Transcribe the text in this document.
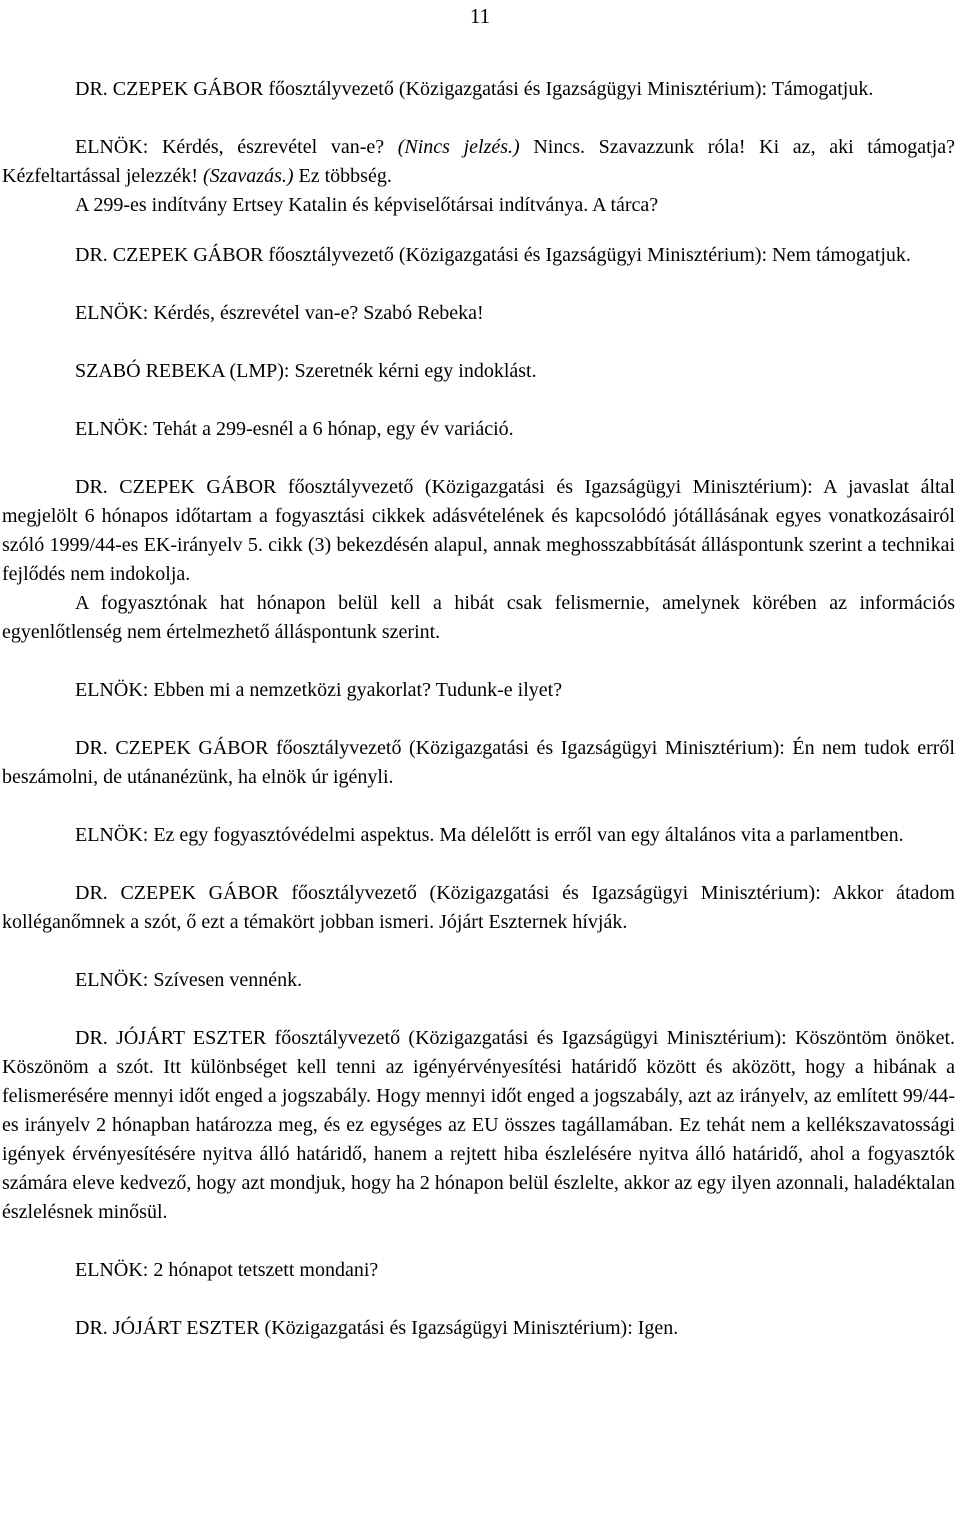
11

DR. CZEPEK GÁBOR főosztályvezető (Közigazgatási és Igazságügyi Minisztérium): Támogatjuk.

ELNÖK: Kérdés, észrevétel van-e? (Nincs jelzés.) Nincs. Szavazzunk róla! Ki az, aki támogatja? Kézfeltartással jelezzék! (Szavazás.) Ez többség.

A 299-es indítvány Ertsey Katalin és képviselőtársai indítványa. A tárca?

DR. CZEPEK GÁBOR főosztályvezető (Közigazgatási és Igazságügyi Minisztérium): Nem támogatjuk.

ELNÖK: Kérdés, észrevétel van-e? Szabó Rebeka!

SZABÓ REBEKA (LMP): Szeretnék kérni egy indoklást.

ELNÖK: Tehát a 299-esnél a 6 hónap, egy év variáció.

DR. CZEPEK GÁBOR főosztályvezető (Közigazgatási és Igazságügyi Minisztérium): A javaslat által megjelölt 6 hónapos időtartam a fogyasztási cikkek adásvételének és kapcsolódó jótállásának egyes vonatkozásairól szóló 1999/44-es EK-irányelv 5. cikk (3) bekezdésén alapul, annak meghosszabbítását álláspontunk szerint a technikai fejlődés nem indokolja.

A fogyasztónak hat hónapon belül kell a hibát csak felismernie, amelynek körében az információs egyenlőtlenség nem értelmezhető álláspontunk szerint.

ELNÖK: Ebben mi a nemzetközi gyakorlat? Tudunk-e ilyet?

DR. CZEPEK GÁBOR főosztályvezető (Közigazgatási és Igazságügyi Minisztérium): Én nem tudok erről beszámolni, de utánanézünk, ha elnök úr igényli.

ELNÖK: Ez egy fogyasztóvédelmi aspektus. Ma délelőtt is erről van egy általános vita a parlamentben.

DR. CZEPEK GÁBOR főosztályvezető (Közigazgatási és Igazságügyi Minisztérium): Akkor átadom kolléganőmnek a szót, ő ezt a témakört jobban ismeri. Jójárt Eszternek hívják.

ELNÖK: Szívesen vennénk.

DR. JÓJÁRT ESZTER főosztályvezető (Közigazgatási és Igazságügyi Minisztérium): Köszöntöm önöket. Köszönöm a szót. Itt különbséget kell tenni az igényérvényesítési határidő között és aközött, hogy a hibának a felismerésére mennyi időt enged a jogszabály. Hogy mennyi időt enged a jogszabály, azt az irányelv, az említett 99/44-es irányelv 2 hónapban határozza meg, és ez egységes az EU összes tagállamában. Ez tehát nem a kellékszavatossági igények érvényesítésére nyitva álló határidő, hanem a rejtett hiba észlelésére nyitva álló határidő, ahol a fogyasztók számára eleve kedvező, hogy azt mondjuk, hogy ha 2 hónapon belül észlelte, akkor az egy ilyen azonnali, haladéktalan észlelésnek minősül.

ELNÖK: 2 hónapot tetszett mondani?

DR. JÓJÁRT ESZTER (Közigazgatási és Igazságügyi Minisztérium): Igen.
